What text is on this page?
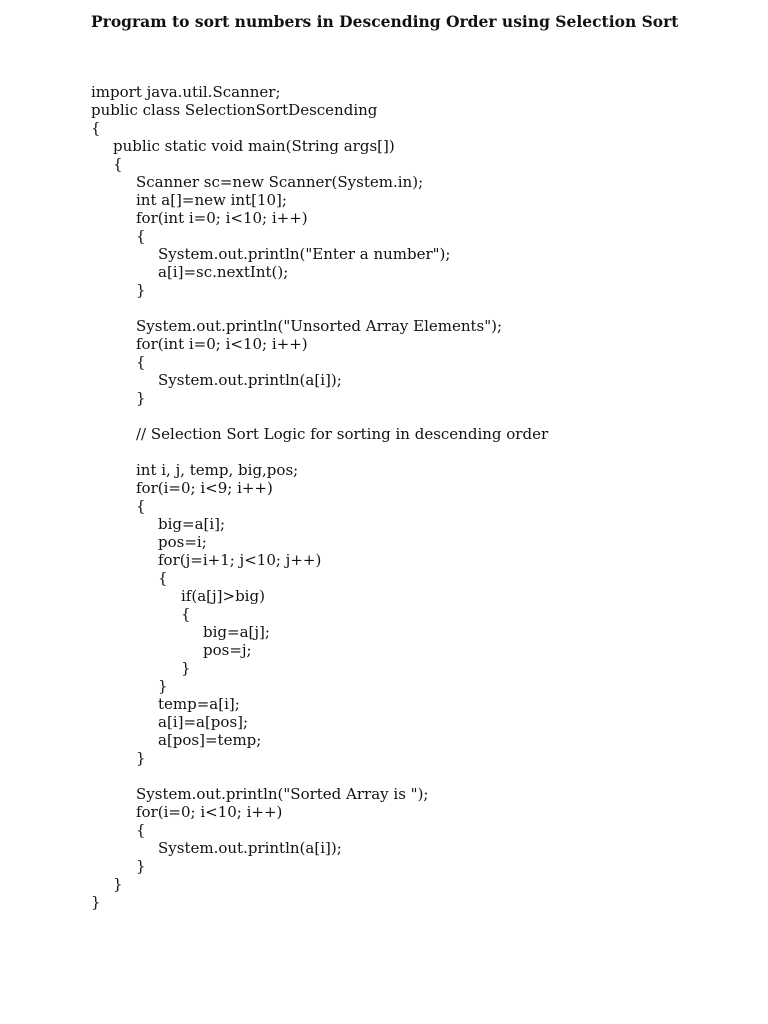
Program to sort numbers in Descending Order using Selection Sort
import java.util.Scanner;
public class SelectionSortDescending
{
public static void main(String args[])
{
Scanner sc=new Scanner(System.in);
int a[]=new int[10];
for(int i=0; i<10; i++)
{
System.out.println("Enter a number");
a[i]=sc.nextInt();
}
System.out.println("Unsorted Array Elements");
for(int i=0; i<10; i++)
{
System.out.println(a[i]);
}
// Selection Sort Logic for sorting in descending order
int i, j, temp, big,pos;
for(i=0; i<9; i++)
{
big=a[i];
pos=i;
for(j=i+1; j<10; j++)
{
if(a[j]>big)
{
big=a[j];
pos=j;
}
}
temp=a[i];
a[i]=a[pos];
a[pos]=temp;
}
System.out.println("Sorted Array is ");
for(i=0; i<10; i++)
{
System.out.println(a[i]);
}
}
}
